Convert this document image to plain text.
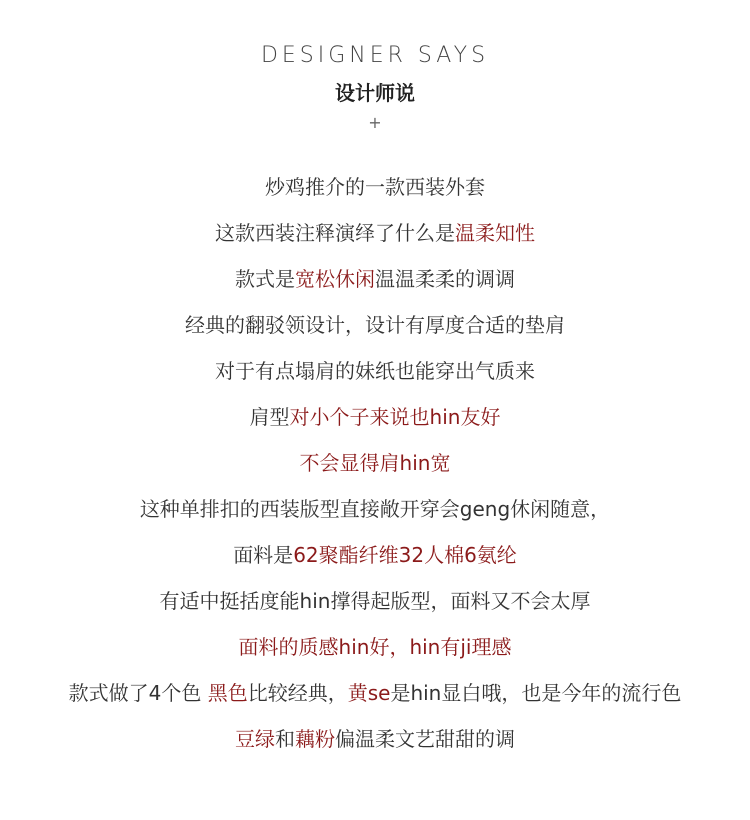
DESIGNER SAYS
设计师说
+
炒鸡推介的一款西装外套
这款西装注释演绎了什么是温柔知性
款式是宽松休闲温温柔柔的调调
经典的翻驳领设计，设计有厚度合适的垫肩
对于有点塌肩的妹纸也能穿出气质来
肩型对小个子来说也hin友好
不会显得肩hin宽
这种单排扣的西装版型直接敞开穿会geng休闲随意，
面料是62聚酯纤维32人棉6氨纶
有适中挺括度能hin撑得起版型，面料又不会太厚
面料的质感hin好，hin有ji理感
款式做了4个色 黑色比较经典，黄se是hin显白哦，也是今年的流行色
豆绿和藕粉偏温柔文艺甜甜的调
